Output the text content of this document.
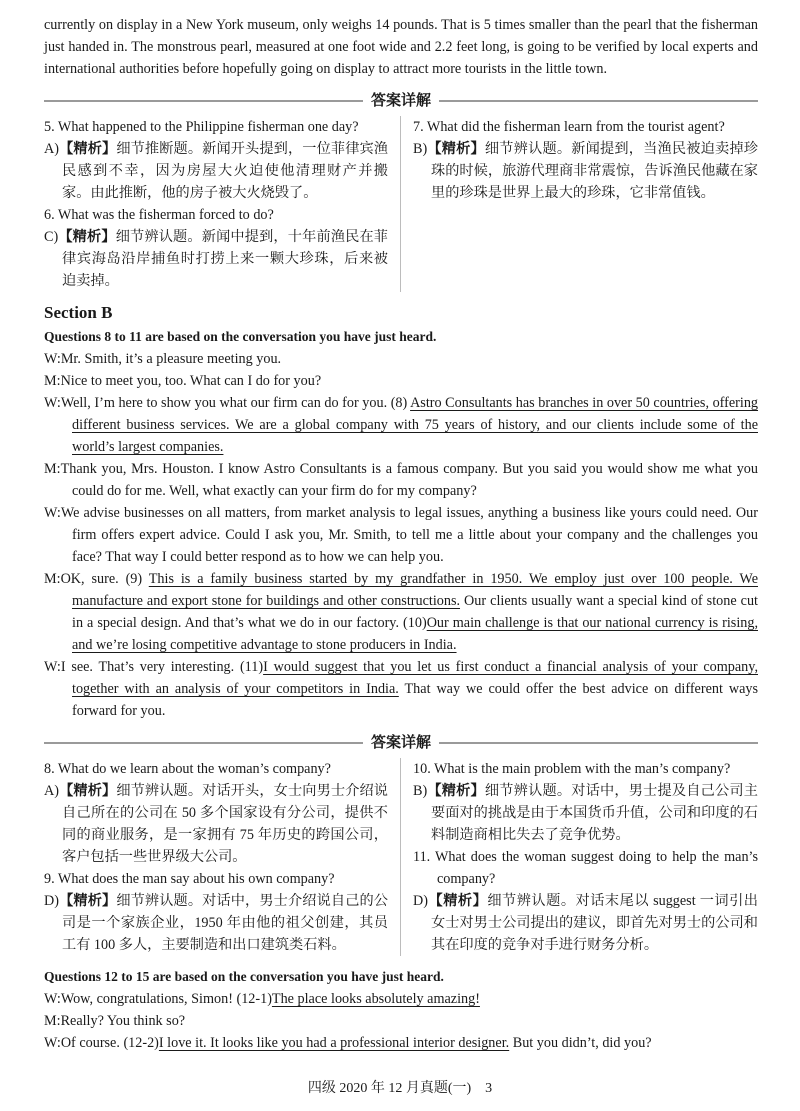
currently on display in a New York museum, only weighs 14 pounds. That is 5 times smaller than the pearl that the fisherman just handed in. The monstrous pearl, measured at one foot wide and 2.2 feet long, is going to be verified by local experts and international authorities before hopefully going on display to attract more tourists in the little town.

答案详解

5. What happened to the Philippine fisherman one day?

A)【精析】细节推断题。新闻开头提到，一位菲律宾渔民感到不幸，因为房屋大火迫使他清理财产并搬家。由此推断，他的房子被大火烧毁了。

6. What was the fisherman forced to do?

C)【精析】细节辨认题。新闻中提到，十年前渔民在菲律宾海岛沿岸捕鱼时打捞上来一颗大珍珠，后来被迫卖掉。

7. What did the fisherman learn from the tourist agent?

B)【精析】细节辨认题。新闻提到，当渔民被迫卖掉珍珠的时候，旅游代理商非常震惊，告诉渔民他藏在家里的珍珠是世界上最大的珍珠，它非常值钱。

Section B

Questions 8 to 11 are based on the conversation you have just heard.

W:Mr. Smith, it’s a pleasure meeting you.

M:Nice to meet you, too. What can I do for you?

W:Well, I’m here to show you what our firm can do for you. (8) Astro Consultants has branches in over 50 countries, offering different business services. We are a global company with 75 years of history, and our clients include some of the world’s largest companies.

M:Thank you, Mrs. Houston. I know Astro Consultants is a famous company. But you said you would show me what you could do for me. Well, what exactly can your firm do for my company?

W:We advise businesses on all matters, from market analysis to legal issues, anything a business like yours could need. Our firm offers expert advice. Could I ask you, Mr. Smith, to tell me a little about your company and the challenges you face? That way I could better respond as to how we can help you.

M:OK, sure. (9) This is a family business started by my grandfather in 1950. We employ just over 100 people. We manufacture and export stone for buildings and other constructions. Our clients usually want a special kind of stone cut in a special design. And that’s what we do in our factory. (10)Our main challenge is that our national currency is rising, and we’re losing competitive advantage to stone producers in India.

W:I see. That’s very interesting. (11)I would suggest that you let us first conduct a financial analysis of your company, together with an analysis of your competitors in India. That way we could offer the best advice on different ways forward for you.

答案详解

8. What do we learn about the woman’s company?

A)【精析】细节辨认题。对话开头，女士向男士介绍说自己所在的公司在 50 多个国家设有分公司，提供不同的商业服务，是一家拥有 75 年历史的跨国公司，客户包括一些世界级大公司。

9. What does the man say about his own company?

D)【精析】细节辨认题。对话中，男士介绍说自己的公司是一个家族企业，1950 年由他的祖父创建，其员工有 100 多人，主要制造和出口建筑类石料。

10. What is the main problem with the man’s company?

B)【精析】细节辨认题。对话中，男士提及自己公司主要面对的挑战是由于本国货币升值，公司和印度的石料制造商相比失去了竞争优势。

11. What does the woman suggest doing to help the man’s company?

D)【精析】细节辨认题。对话末尾以 suggest 一词引出女士对男士公司提出的建议，即首先对男士的公司和其在印度的竞争对手进行财务分析。

Questions 12 to 15 are based on the conversation you have just heard.

W:Wow, congratulations, Simon! (12-1)The place looks absolutely amazing!

M:Really? You think so?

W:Of course. (12-2)I love it. It looks like you had a professional interior designer. But you didn’t, did you?

四级 2020 年 12 月真题(一)　3
